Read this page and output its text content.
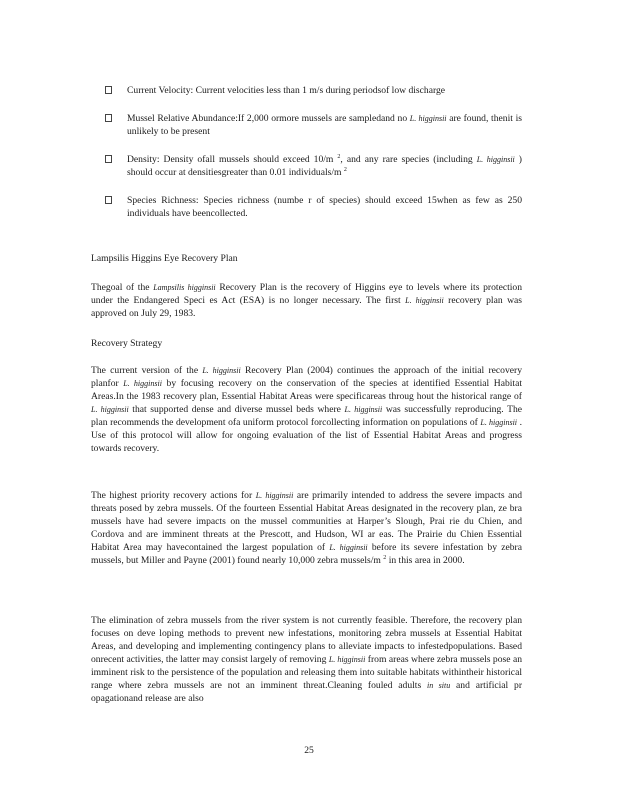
Current Velocity: Current velocities less than 1 m/s during periodsof low discharge
Mussel Relative Abundance:If 2,000 ormore mussels are sampledand no L. higginsii are found, thenit is unlikely to be present
Density: Density ofall mussels should exceed 10/m $^2$, and any rare species (including L. higginsii ) should occur at densitiesgreater than 0.01 individuals/m $^2$
Species Richness: Species richness (numbe r of species) should exceed 15when as few as 250 individuals have beencollected.
Lampsilis Higgins Eye Recovery Plan
Thegoal of the Lampsilis higginsii Recovery Plan is the recovery of Higgins eye to levels where its protection under the Endangered Speci es Act (ESA) is no longer necessary. The first L. higginsii recovery plan was approved on July 29, 1983.
Recovery Strategy
The current version of the L. higginsii Recovery Plan (2004) continues the approach of the initial recovery planfor L. higginsii by focusing recovery on the conservation of the species at identified Essential Habitat Areas.In the 1983 recovery plan, Essential Habitat Areas were specificareas throug hout the historical range of L. higginsii that supported dense and diverse mussel beds where L. higginsii was successfully reproducing. The plan recommends the development ofa uniform protocol forcollecting information on populations of L. higginsii . Use of this protocol will allow for ongoing evaluation of the list of Essential Habitat Areas and progress towards recovery.
The highest priority recovery actions for L. higginsii are primarily intended to address the severe impacts and threats posed by zebra mussels. Of the fourteen Essential Habitat Areas designated in the recovery plan, ze bra mussels have had severe impacts on the mussel communities at Harper’s Slough, Prai rie du Chien, and Cordova and are imminent threats at the Prescott, and Hudson, WI ar eas. The Prairie du Chien Essential Habitat Area may havecontained the largest population of L. higginsii before its severe infestation by zebra mussels, but Miller and Payne (2001) found nearly 10,000 zebra mussels/m $^2$ in this area in 2000.
The elimination of zebra mussels from the river system is not currently feasible. Therefore, the recovery plan focuses on deve loping methods to prevent new infestations, monitoring zebra mussels at Essential Habitat Areas, and developing and implementing contingency plans to alleviate impacts to infestedpopulations. Based onrecent activities, the latter may consist largely of removing L. higginsii from areas where zebra mussels pose an imminent risk to the persistence of the population and releasing them into suitable habitats withintheir historical range where zebra mussels are not an imminent threat.Cleaning fouled adults in situ and artificial pr opagationand release are also
25
